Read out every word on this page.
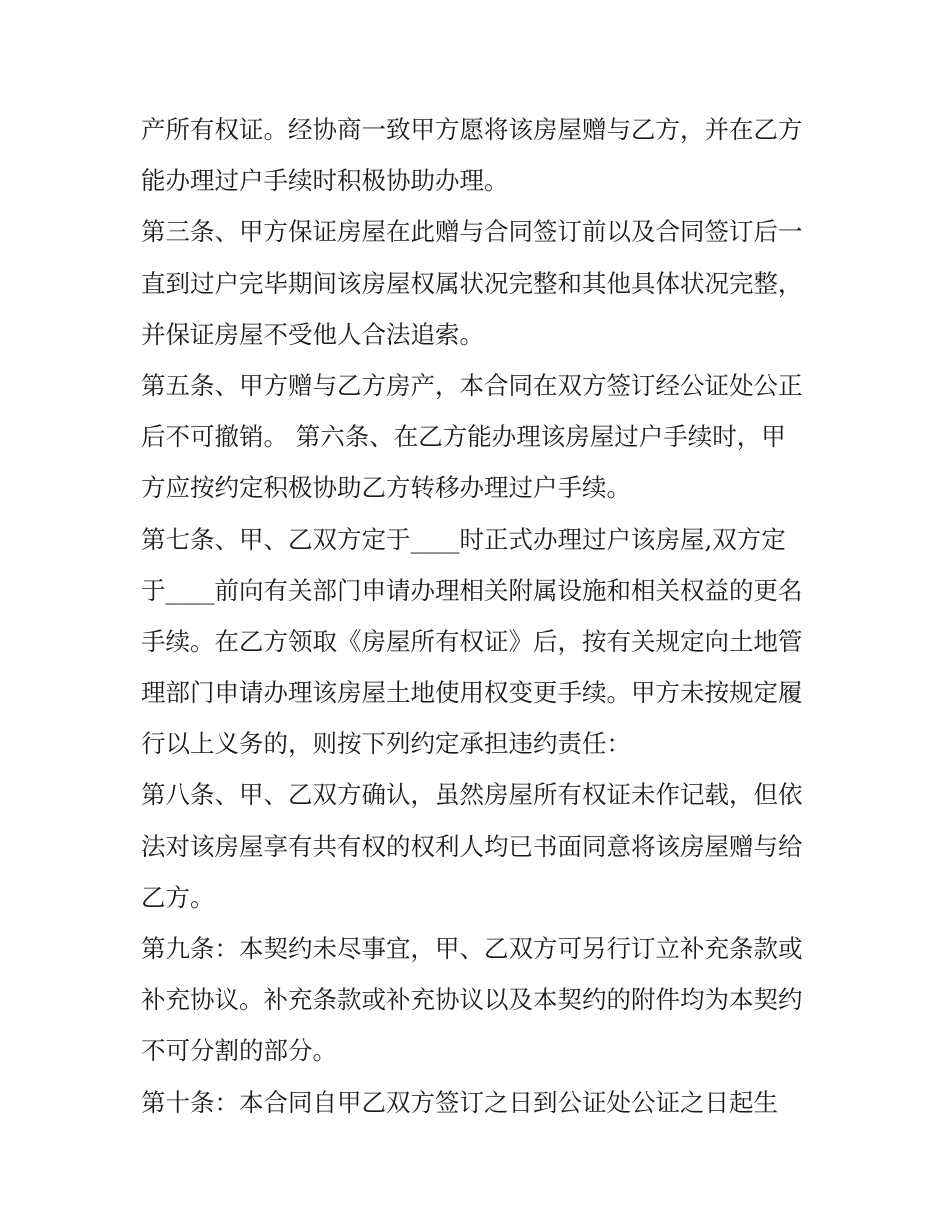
产所有权证。经协商一致甲方愿将该房屋赠与乙方，并在乙方
能办理过户手续时积极协助办理。
第三条、甲方保证房屋在此赠与合同签订前以及合同签订后一
直到过户完毕期间该房屋权属状况完整和其他具体状况完整，
并保证房屋不受他人合法追索。
第五条、甲方赠与乙方房产，本合同在双方签订经公证处公正
后不可撤销。 第六条、在乙方能办理该房屋过户手续时，甲
方应按约定积极协助乙方转移办理过户手续。
第七条、甲、乙双方定于____时正式办理过户该房屋,双方定
于____前向有关部门申请办理相关附属设施和相关权益的更名
手续。在乙方领取《房屋所有权证》后，按有关规定向土地管
理部门申请办理该房屋土地使用权变更手续。甲方未按规定履
行以上义务的，则按下列约定承担违约责任：
第八条、甲、乙双方确认，虽然房屋所有权证未作记载，但依
法对该房屋享有共有权的权利人均已书面同意将该房屋赠与给
乙方。
第九条：本契约未尽事宜，甲、乙双方可另行订立补充条款或
补充协议。补充条款或补充协议以及本契约的附件均为本契约
不可分割的部分。
第十条：本合同自甲乙双方签订之日到公证处公证之日起生
